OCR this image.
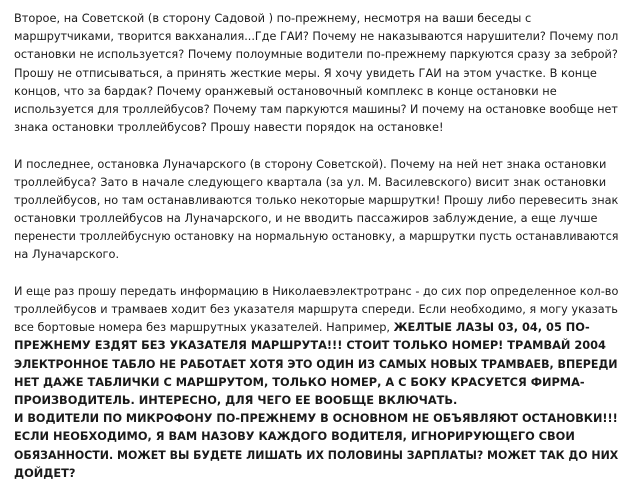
Второе, на Советской (в сторону Садовой ) по-прежнему, несмотря на ваши беседы с
маршрутчиками, творится вакханалия...Где ГАИ? Почему не наказываются нарушители? Почему пол
остановки не используется? Почему полоумные водители по-прежнему паркуются сразу за зеброй?
Прошу не отписываться, а принять жесткие меры. Я хочу увидеть ГАИ на этом участке. В конце
концов, что за бардак? Почему оранжевый остановочный комплекс в конце остановки не
используется для троллейбусов? Почему там паркуются машины? И почему на остановке вообще нет
знака остановки троллейбусов? Прошу навести порядок на остановке!
И последнее, остановка Луначарского (в сторону Советской). Почему на ней нет знака остановки
троллейбуса? Зато в начале следующего квартала (за ул. М. Василевского) висит знак остановки
троллейбусов, но там останавливаются только некоторые маршрутки! Прошу либо перевесить знак
остановки троллейбусов на Луначарского, и не вводить пассажиров заблуждение, а еще лучше
перенести троллейбусную остановку на нормальную остановку, а маршрутки пусть останавливаются
на Луначарского.
И еще раз прошу передать информацию в Николаевэлектротранс - до сих пор определенное кол-во
троллейбусов и трамваев ходит без указателя маршрута спереди. Если необходимо, я могу указать
все бортовые номера без маршрутных указателей. Например, ЖЕЛТЫЕ ЛАЗЫ 03, 04, 05 ПО-
ПРЕЖНЕМУ ЕЗДЯТ БЕЗ УКАЗАТЕЛЯ МАРШРУТА!!! СТОИТ ТОЛЬКО НОМЕР! ТРАМВАЙ 2004
ЭЛЕКТРОННОЕ ТАБЛО НЕ РАБОТАЕТ ХОТЯ ЭТО ОДИН ИЗ САМЫХ НОВЫХ ТРАМВАЕВ, ВПЕРЕДИ
НЕТ ДАЖЕ ТАБЛИЧКИ С МАРШРУТОМ, ТОЛЬКО НОМЕР, А С БОКУ КРАСУЕТСЯ ФИРМА-
ПРОИЗВОДИТЕЛЬ. ИНТЕРЕСНО, ДЛЯ ЧЕГО ЕЕ ВООБЩЕ ВКЛЮЧАТЬ.
И ВОДИТЕЛИ ПО МИКРОФОНУ ПО-ПРЕЖНЕМУ В ОСНОВНОМ НЕ ОБЪЯВЛЯЮТ ОСТАНОВКИ!!!
ЕСЛИ НЕОБХОДИМО, Я ВАМ НАЗОВУ КАЖДОГО ВОДИТЕЛЯ, ИГНОРИРУЮЩЕГО СВОИ
ОБЯЗАННОСТИ. МОЖЕТ ВЫ БУДЕТЕ ЛИШАТЬ ИХ ПОЛОВИНЫ ЗАРПЛАТЫ? МОЖЕТ ТАК ДО НИХ
ДОЙДЕТ?
